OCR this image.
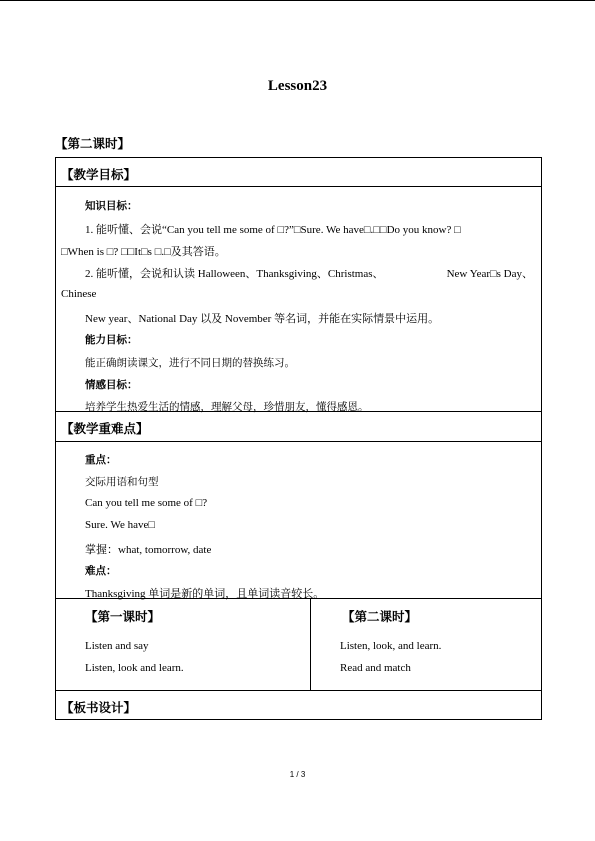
Lesson23
【第二课时】
【教学目标】
知识目标：
1. 能听懂、会说“Can you tell me some of □?”□Sure. We have□.□□Do you know? □
□When is □? □□It□s □.□及其答语。
2. 能听懂，会说和认读 Halloween、Thanksgiving、Christmas、	New Year□s Day、
Chinese
New year、National Day 以及 November 等名词，并能在实际情景中运用。
能力目标：
能正确朗读课文，进行不同日期的替换练习。
情感目标：
培养学生热爱生活的情感，理解父母，珍惜朋友，懂得感恩。
【教学重难点】
重点：
交际用语和句型
Can you tell me some of □?
Sure. We have□
掌握：what, tomorrow, date
难点：
Thanksgiving 单词是新的单词，且单词读音较长。
【第一课时】
Listen and say
Listen, look and learn.
【第二课时】
Listen, look, and learn.
Read and match
【板书设计】
1 / 3
